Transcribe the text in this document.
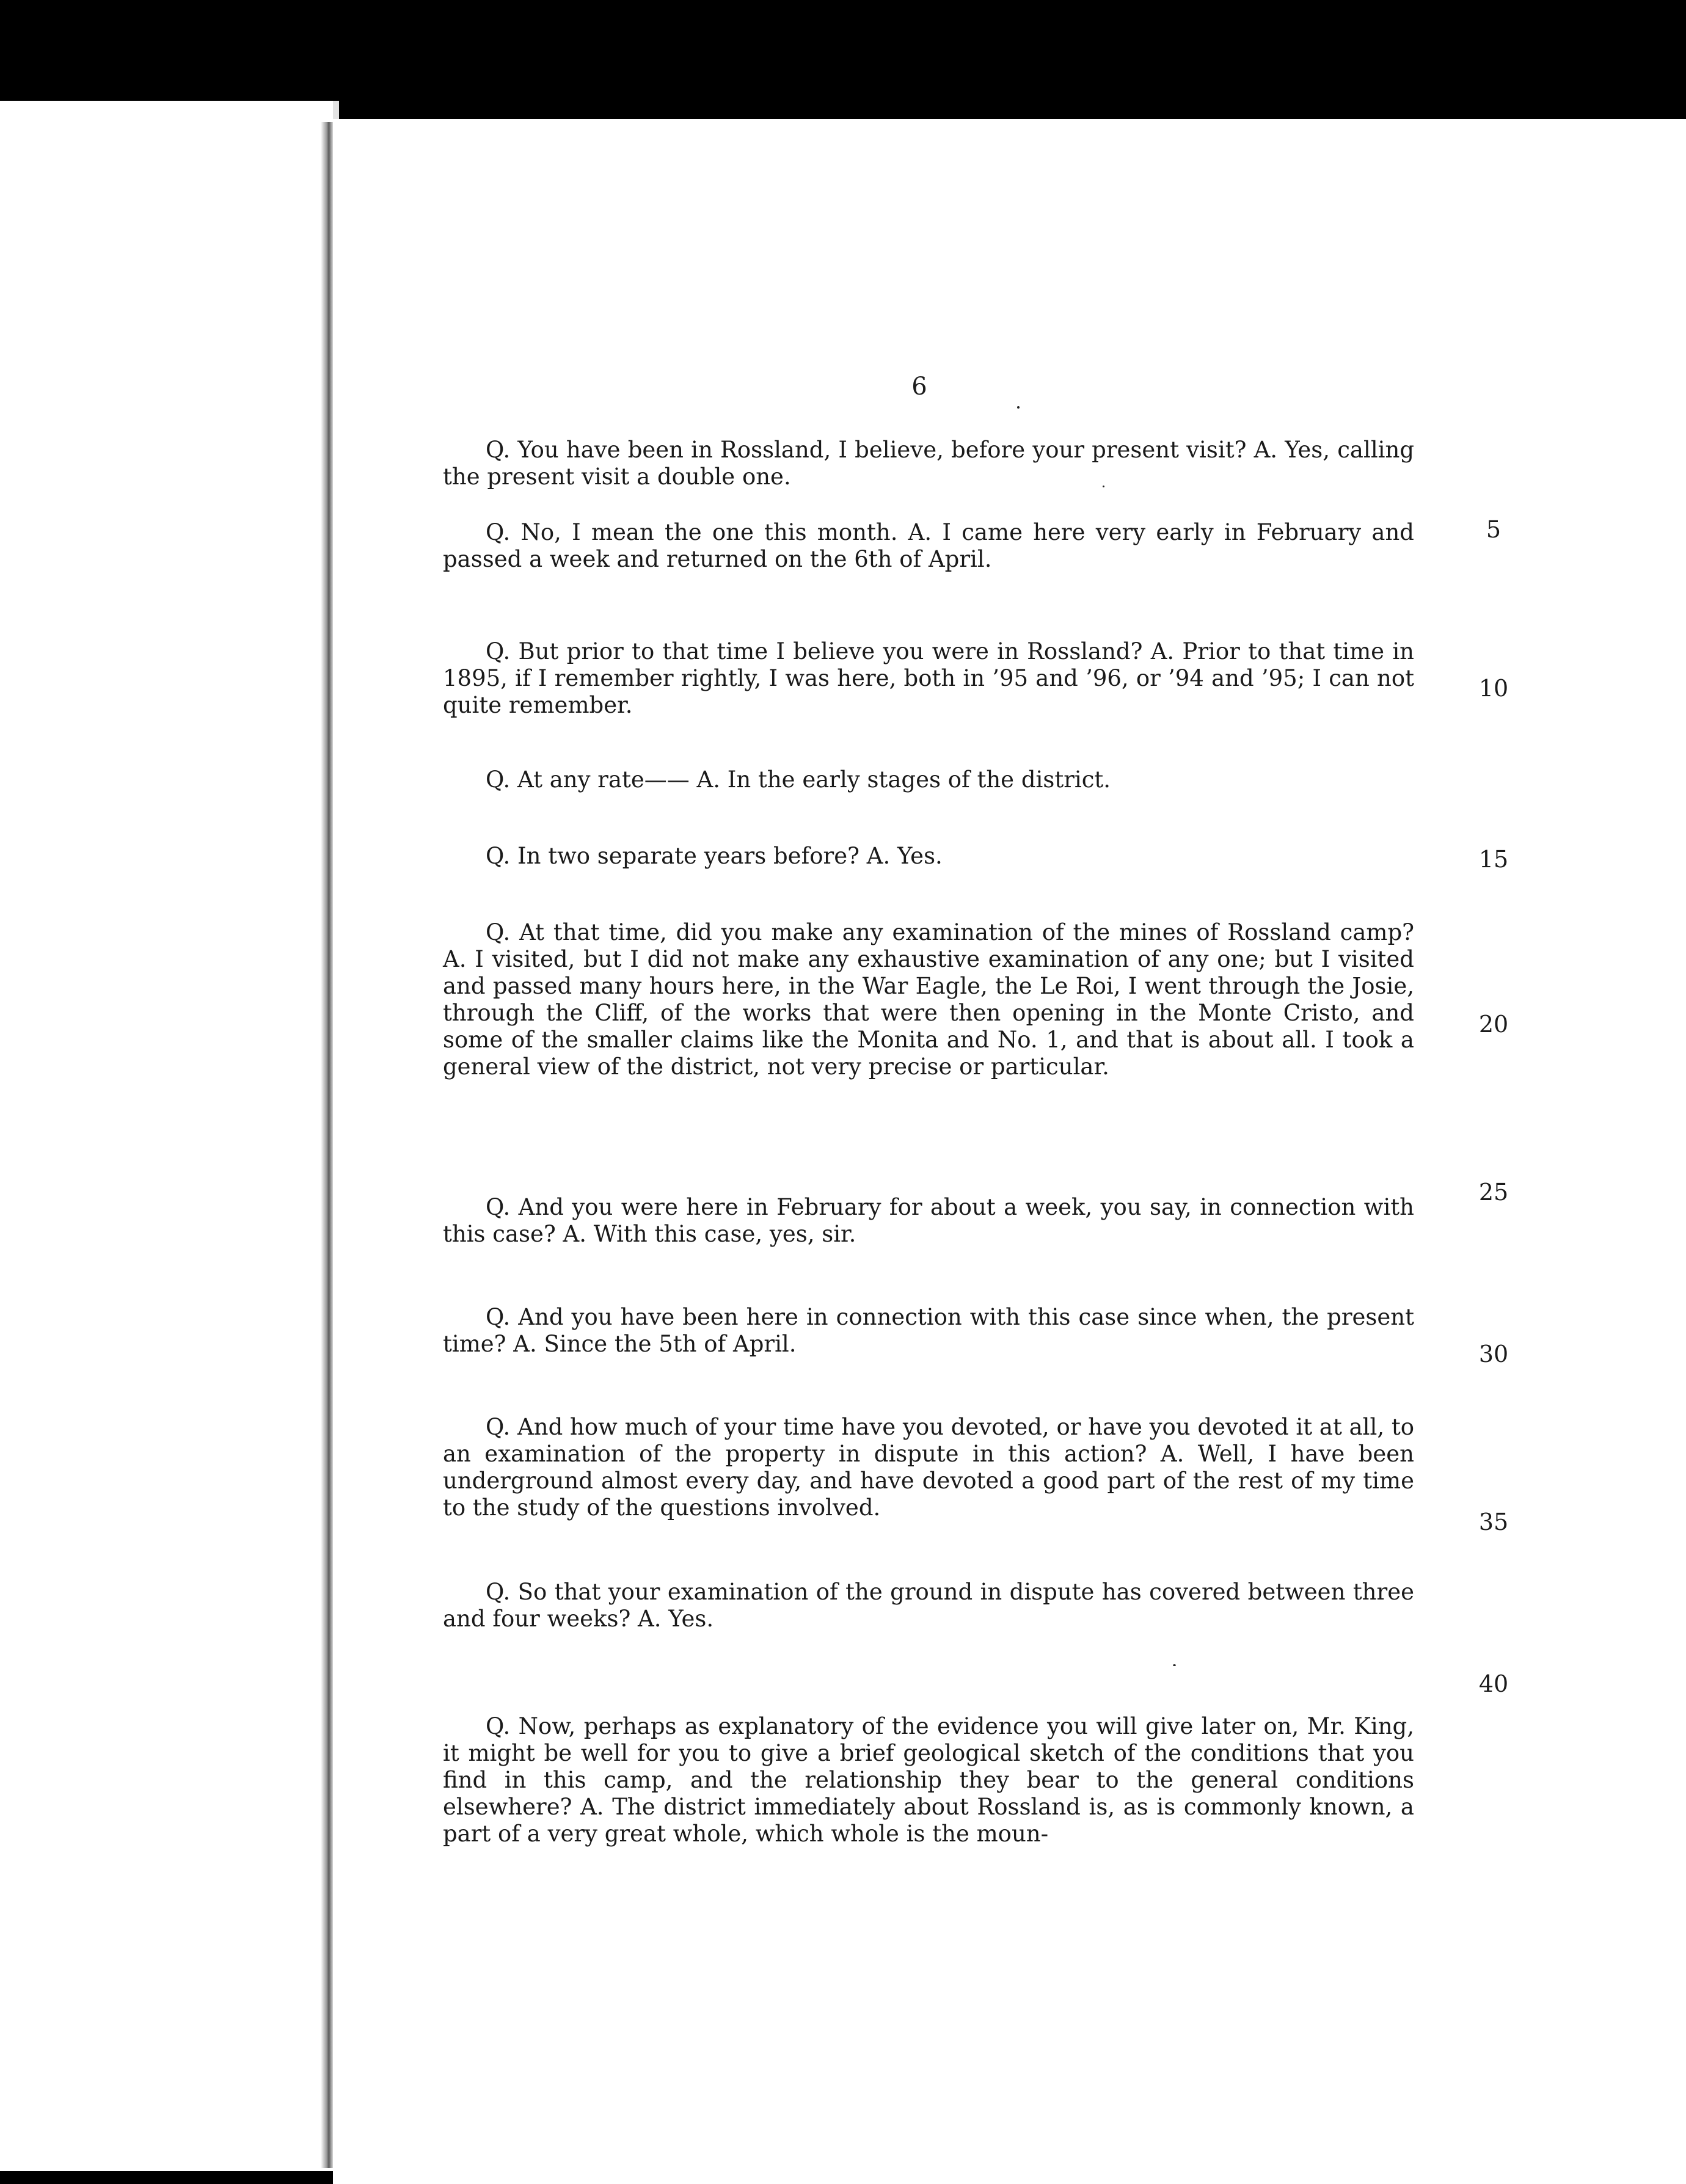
6
Q. You have been in Rossland, I believe, before your present visit? A. Yes, calling the present visit a double one.
Q. No, I mean the one this month. A. I came here very early in February and passed a week and returned on the 6th of April.
Q. But prior to that time I believe you were in Rossland? A. Prior to that time in 1895, if I remember rightly, I was here, both in ’95 and ’96, or ’94 and ’95; I can not quite remember.
Q. At any rate—— A. In the early stages of the district.
Q. In two separate years before? A. Yes.
Q. At that time, did you make any examination of the mines of Rossland camp? A. I visited, but I did not make any exhaustive examination of any one; but I visited and passed many hours here, in the War Eagle, the Le Roi, I went through the Josie, through the Cliff, of the works that were then opening in the Monte Cristo, and some of the smaller claims like the Monita and No. 1, and that is about all. I took a general view of the district, not very precise or particular.
Q. And you were here in February for about a week, you say, in connection with this case? A. With this case, yes, sir.
Q. And you have been here in connection with this case since when, the present time? A. Since the 5th of April.
Q. And how much of your time have you devoted, or have you devoted it at all, to an examination of the property in dispute in this action? A. Well, I have been underground almost every day, and have devoted a good part of the rest of my time to the study of the questions involved.
Q. So that your examination of the ground in dispute has covered between three and four weeks? A. Yes.
Q. Now, perhaps as explanatory of the evidence you will give later on, Mr. King, it might be well for you to give a brief geological sketch of the conditions that you find in this camp, and the relationship they bear to the general conditions elsewhere? A. The district immediately about Rossland is, as is commonly known, a part of a very great whole, which whole is the moun-
5
10
15
20
25
30
35
40
